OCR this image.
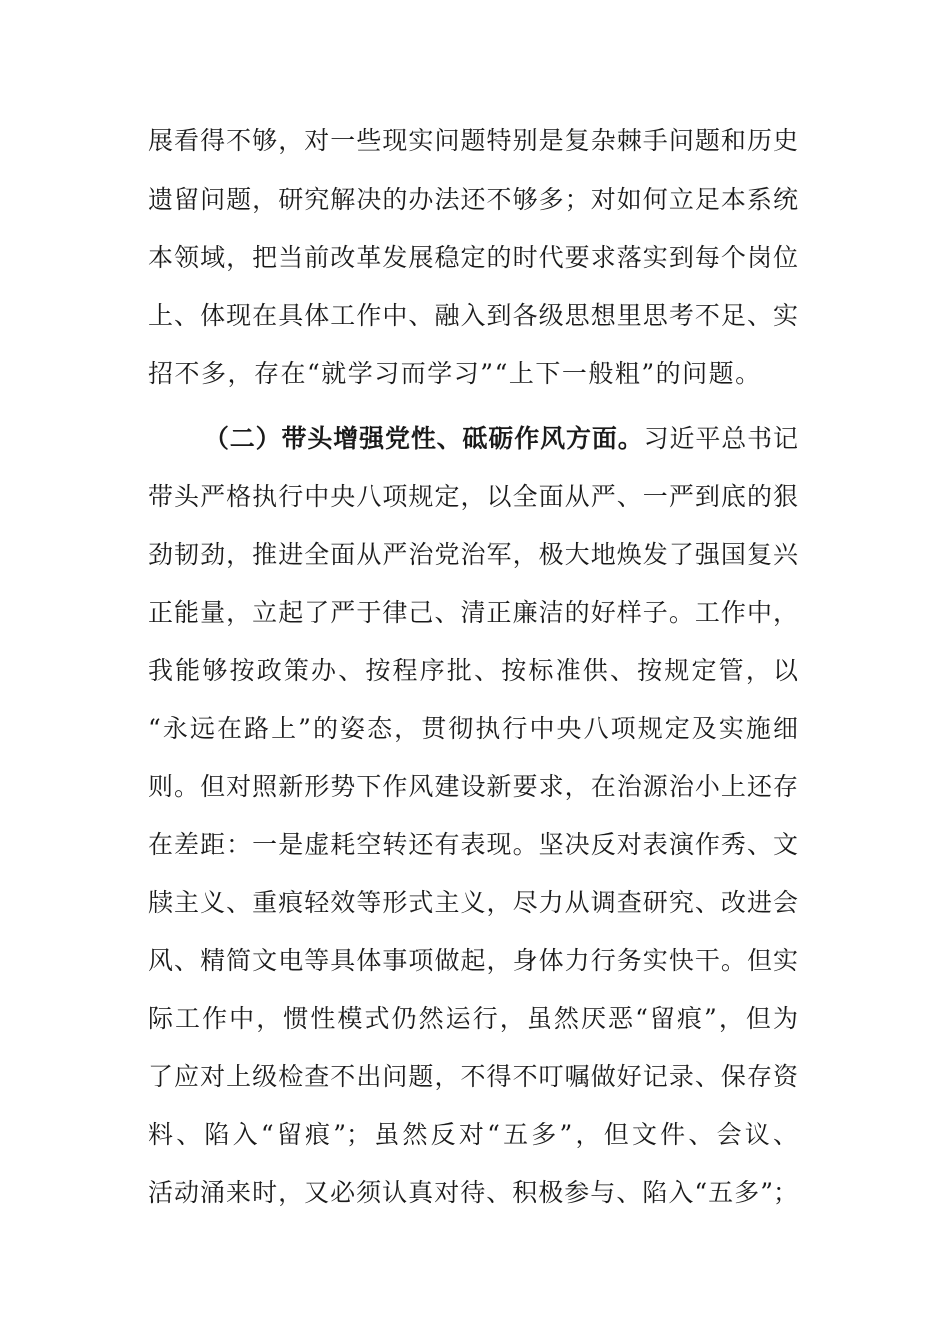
展看得不够，对一些现实问题特别是复杂棘手问题和历史
遗留问题，研究解决的办法还不够多；对如何立足本系统
本领域，把当前改革发展稳定的时代要求落实到每个岗位
上、体现在具体工作中、融入到各级思想里思考不足、实
招不多，存在“就学习而学习”“上下一般粗”的问题。
（二）带头增强党性、砥砺作风方面。习近平总书记
带头严格执行中央八项规定，以全面从严、一严到底的狠
劲韧劲，推进全面从严治党治军，极大地焕发了强国复兴
正能量，立起了严于律己、清正廉洁的好样子。工作中，
我能够按政策办、按程序批、按标准供、按规定管，以
“永远在路上”的姿态，贯彻执行中央八项规定及实施细
则。但对照新形势下作风建设新要求，在治源治小上还存
在差距：一是虚耗空转还有表现。坚决反对表演作秀、文
牍主义、重痕轻效等形式主义，尽力从调查研究、改进会
风、精简文电等具体事项做起，身体力行务实快干。但实
际工作中，惯性模式仍然运行，虽然厌恶“留痕”，但为
了应对上级检查不出问题，不得不叮嘱做好记录、保存资
料、陷入“留痕”；虽然反对“五多”，但文件、会议、
活动涌来时，又必须认真对待、积极参与、陷入“五多”；
